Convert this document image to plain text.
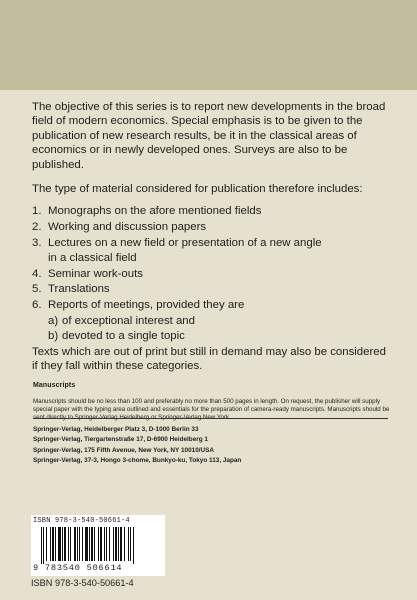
The objective of this series is to report new developments in the broad field of modern economics. Special emphasis is to be given to the publication of new research results, be it in the classical areas of economics or in newly developed ones. Surveys are also to be published.

The type of material considered for publication therefore includes:

1. Monographs on the afore mentioned fields
2. Working and discussion papers
3. Lectures on a new field or presentation of a new angle
in a classical field
4. Seminar work-outs
5. Translations
6. Reports of meetings, provided they are
a) of exceptional interest and
b) devoted to a single topic

Texts which are out of print but still in demand may also be considered if they fall within these categories.

Manuscripts

Manuscripts should be no less than 100 and preferably no more than 500 pages in length. On request, the publisher will supply special paper with the typing area outlined and essentials for the preparation of camera-ready manuscripts. Manuscripts should be sent directly to Springer-Verlag Heidelberg or Springer-Verlag New York.

Springer-Verlag, Heidelberger Platz 3, D-1000 Berlin 33
Springer-Verlag, Tiergartenstraße 17, D-6900 Heidelberg 1
Springer-Verlag, 175 Fifth Avenue, New York, NY 10010/USA
Springer-Verlag, 37-3, Hongo 3-chome, Bunkyo-ku, Tokyo 113, Japan
ISBN 978-3-540-50661-4
9 783540 506614
ISBN 978-3-540-50661-4
